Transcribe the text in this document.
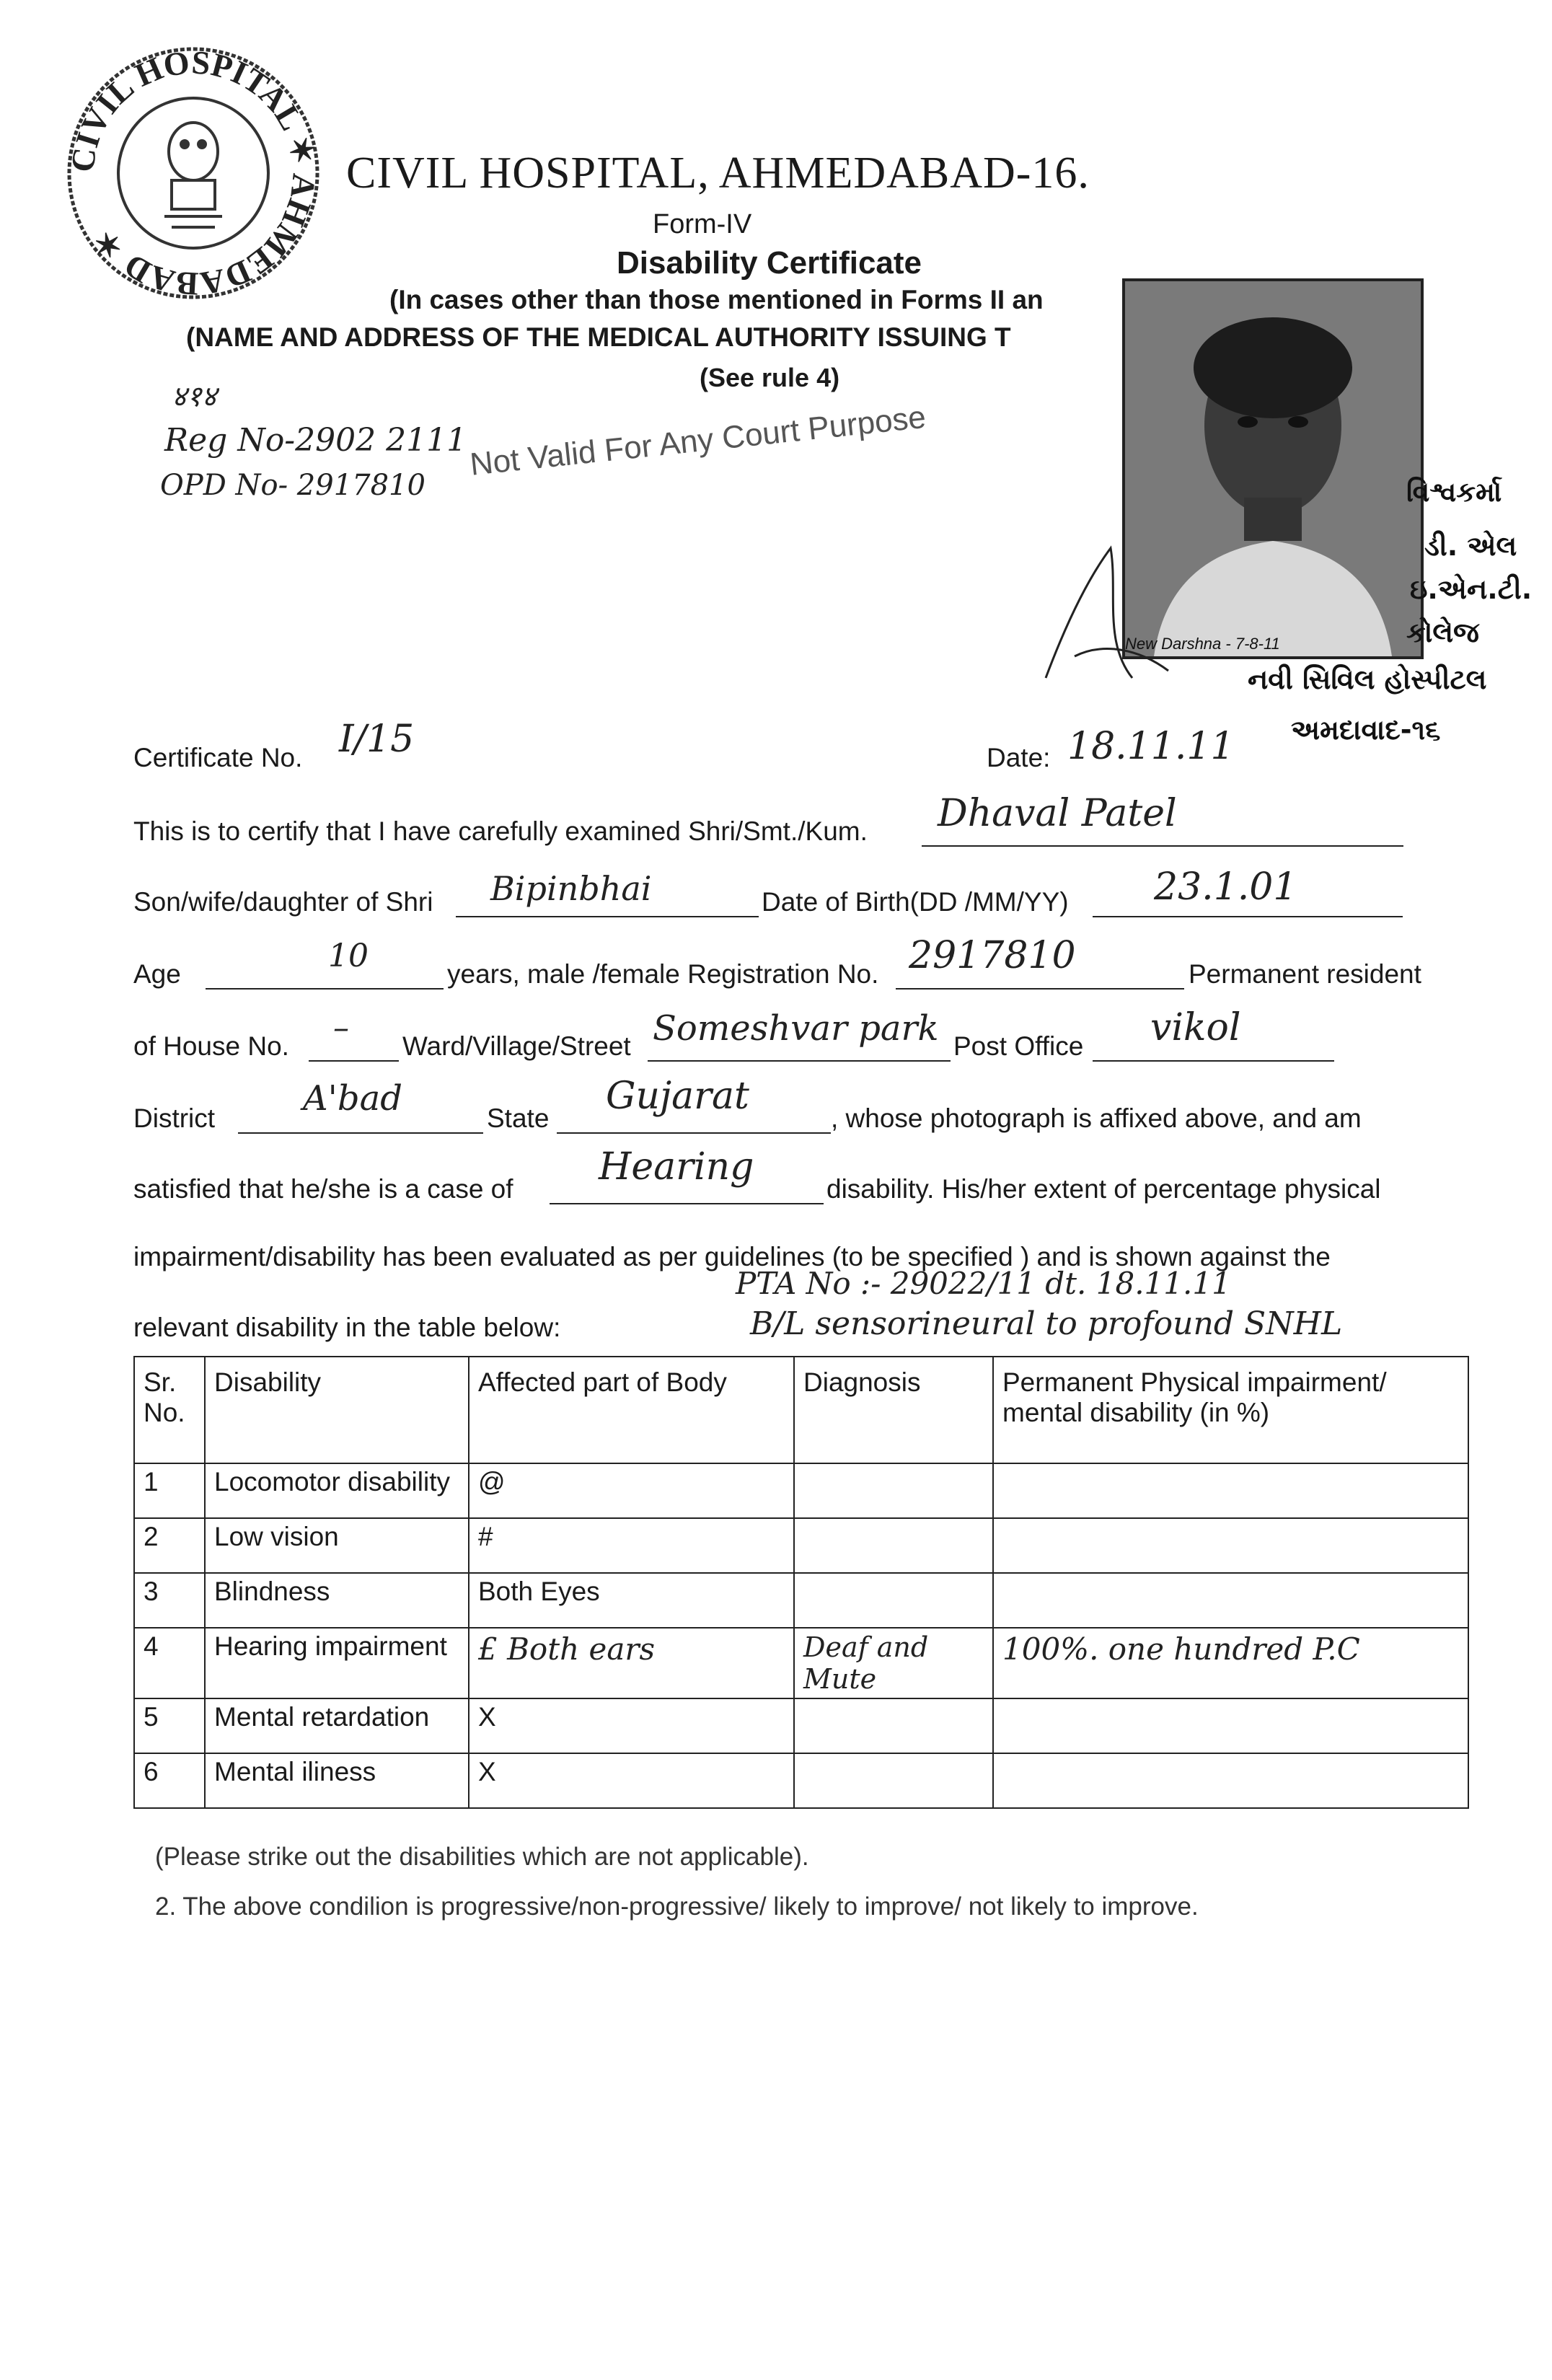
CIVIL HOSPITAL ✶ AHMEDABAD ✶
CIVIL HOSPITAL, AHMEDABAD-16.
Form-IV
Disability Certificate
(In cases other than those mentioned in Forms II an
(NAME AND ADDRESS OF THE MEDICAL AUTHORITY ISSUING T
(See rule 4)
४१४
Reg No-2902 2111
OPD No- 2917810
Not Valid For Any Court Purpose
New Darshna - 7-8-11
વિશ્વકર્મા
ડી. એલ
ઇ.એન.ટી.
કોલેજ
નવી સિવિલ હોસ્પીટલ
અમદાવાદ-૧૬
Certificate No. I/15	Date: 18.11.11
This is to certify that I have carefully examined Shri/Smt./Kum. Dhaval Patel
Son/wife/daughter of Shri Bipinbhai	Date of Birth(DD /MM/YY) 23.1.01
Age	10	years, male /female Registration No. 2917810	Permanent resident
of House No. – Ward/Village/Street Someshvar park Post Office vikol
District	A'bad	State
Gujarat
, whose photograph is affixed above, and am
satisfied that he/she is a case of
Hearing
disability. His/her extent of percentage physical
impairment/disability has been evaluated as per guidelines (to be specified ) and is shown against the
PTA No :- 29022/11 dt. 18.11.11
relevant disability in the table below:	B/L sensorineural to profound SNHL
Sr. No.	Disability	Affected part of Body	Diagnosis	Permanent Physical impairment/ mental disability (in %)
1	Locomotor disability	@		
2	Low vision	#		
3	Blindness	Both Eyes		
4	Hearing impairment	£ Both ears	Deaf and Mute	100%. one hundred P.C
5	Mental retardation	X		
6	Mental iliness	X		
(Please strike out the disabilities which are not applicable).
2. The above condilion is progressive/non-progressive/ likely to improve/ not likely to improve.
